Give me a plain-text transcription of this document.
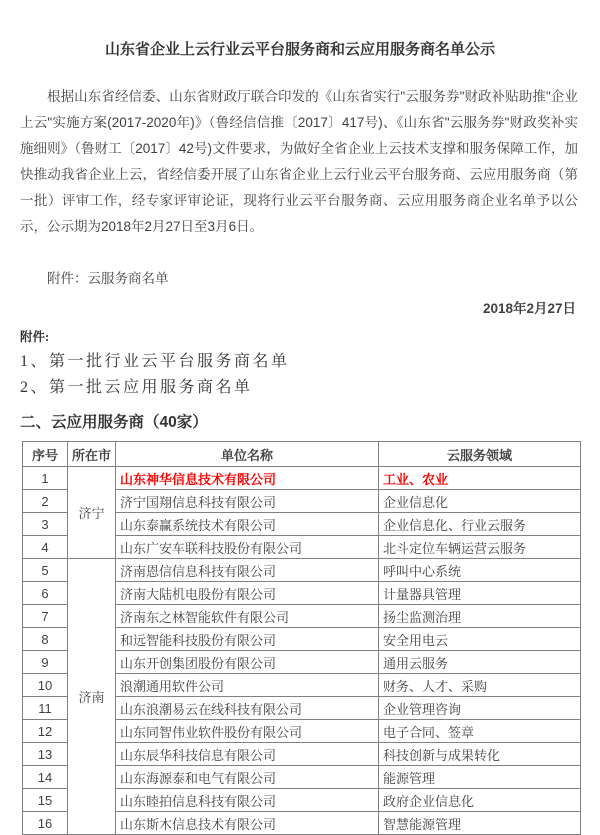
山东省企业上云行业云平台服务商和云应用服务商名单公示

根据山东省经信委、山东省财政厅联合印发的《山东省实行"云服务券"财政补贴助推"企业上云"实施方案(2017-2020年)》（鲁经信信推〔2017〕417号)、《山东省"云服务券"财政奖补实施细则》（鲁财工〔2017〕42号)文件要求，为做好全省企业上云技术支撑和服务保障工作，加快推动我省企业上云，省经信委开展了山东省企业上云行业云平台服务商、云应用服务商（第一批）评审工作，经专家评审论证，现将行业云平台服务商、云应用服务商企业名单予以公示，公示期为2018年2月27日至3月6日。

附件：云服务商名单

2018年2月27日

附件:

1、第一批行业云平台服务商名单

2、第一批云应用服务商名单

二、云应用服务商（40家）
序号	所在市	单位名称	云服务领域
1	济宁	山东神华信息技术有限公司	工业、农业
2		济宁国翔信息科技有限公司	企业信息化
3		山东泰赢系统技术有限公司	企业信息化、行业云服务
4		山东广安车联科技股份有限公司	北斗定位车辆运营云服务
5	济南	济南恩信信息科技有限公司	呼叫中心系统
6		济南大陆机电股份有限公司	计量器具管理
7		济南东之林智能软件有限公司	扬尘监测治理
8		和远智能科技股份有限公司	安全用电云
9		山东开创集团股份有限公司	通用云服务
10		浪潮通用软件公司	财务、人才、采购
11		山东浪潮易云在线科技有限公司	企业管理咨询
12		山东同智伟业软件股份有限公司	电子合同、签章
13		山东辰华科技信息有限公司	科技创新与成果转化
14		山东海源泰和电气有限公司	能源管理
15		山东睦拍信息科技有限公司	政府企业信息化
16		山东斯木信息技术有限公司	智慧能源管理
